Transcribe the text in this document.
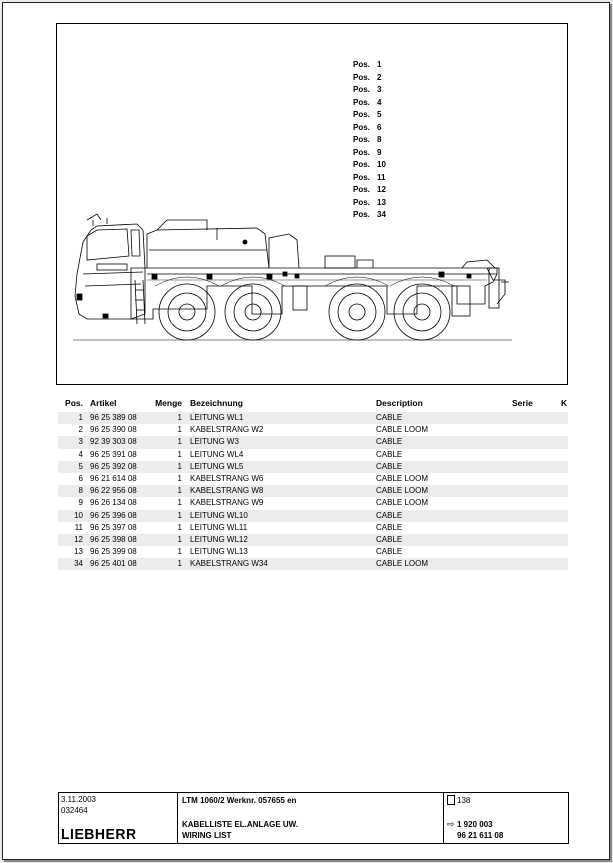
Pos. 1
Pos. 2
Pos. 3
Pos. 4
Pos. 5
Pos. 6
Pos. 8
Pos. 9
Pos. 10
Pos. 11
Pos. 12
Pos. 13
Pos. 34
Pos. Artikel	Menge Bezeichnung	Description	Serie	K
1 96 25 389 08	1 LEITUNG WL1	CABLE
2 96 25 390 08	1 KABELSTRANG W2	CABLE LOOM
3 92 39 303 08	1 LEITUNG W3	CABLE
4 96 25 391 08	1 LEITUNG WL4	CABLE
5 96 25 392 08	1 LEITUNG WL5	CABLE
6 96 21 614 08	1 KABELSTRANG W6	CABLE LOOM
8 96 22 956 08	1 KABELSTRANG W8	CABLE LOOM
9 96 26 134 08	1 KABELSTRANG W9	CABLE LOOM
10 96 25 396 08	1 LEITUNG WL10	CABLE
11 96 25 397 08	1 LEITUNG WL11	CABLE
12 96 25 398 08	1 LEITUNG WL12	CABLE
13 96 25 399 08	1 LEITUNG WL13	CABLE
34 96 25 401 08	1 KABELSTRANG W34	CABLE LOOM
3.11.2003
032464
LIEBHERR
LTM 1060/2 Werknr. 057655 en
KABELLISTE EL.ANLAGE UW.
WIRING LIST
138
⇨ 1 920 003
96 21 611 08
